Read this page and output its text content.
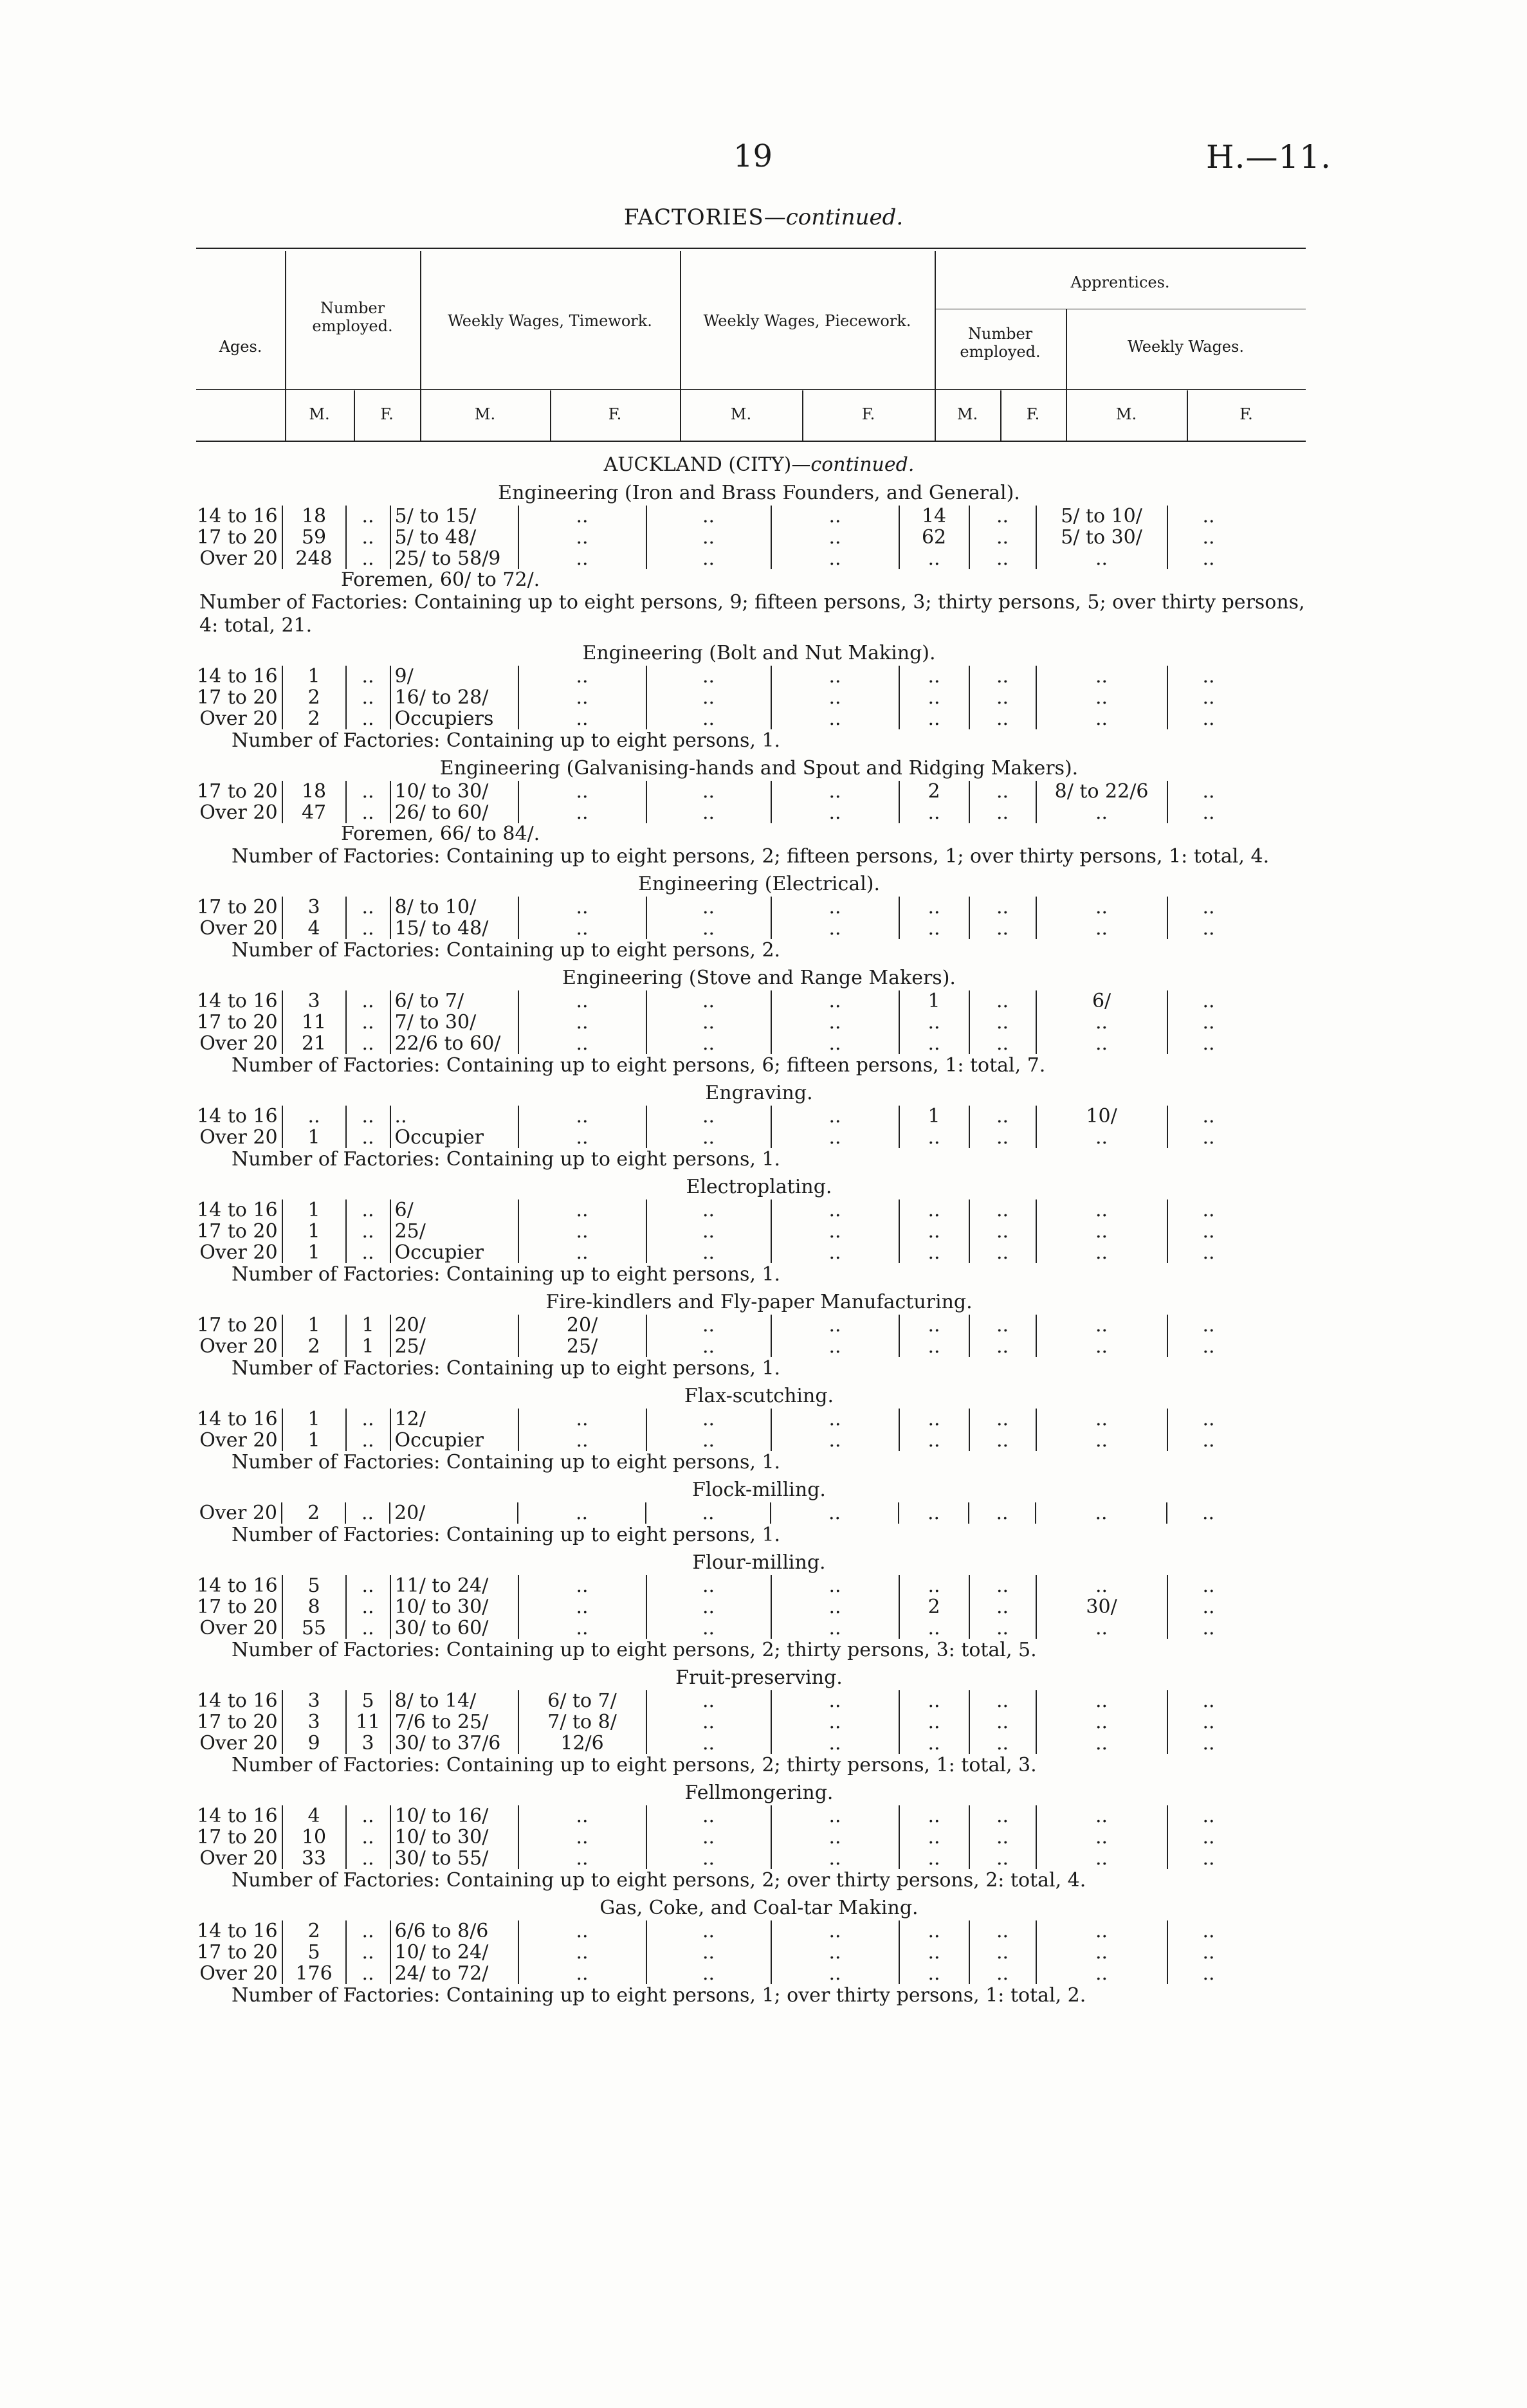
19	H.—11.
FACTORIES—continued.
Ages.
Number employed.	Weekly Wages, Timework.	Weekly Wages, Piecework.
Apprentices.
Number employed.	Weekly Wages.
M.	F.	M.	F.	M.	F.	M.	F.	M.	F.
AUCKLAND (CITY)—continued.
Engineering (Iron and Brass Founders, and General).
14 to 16	18	..	5/ to 15/	..	..	..	14	..	5/ to 10/	..
17 to 20	59	..	5/ to 48/	..	..	..	62	..	5/ to 30/	..
Over 20	248	..	25/ to 58/9	..	..	..	..	..	..	..
Foremen, 60/ to 72/.
Number of Factories: Containing up to eight persons, 9; fifteen persons, 3; thirty persons, 5; over thirty persons, 4: total, 21.
Engineering (Bolt and Nut Making).
14 to 16	1	..	9/	..	..	..	..	..	..	..
17 to 20	2	..	16/ to 28/	..	..	..	..	..	..	..
Over 20	2	..	Occupiers	..	..	..	..	..	..	..
Number of Factories: Containing up to eight persons, 1.
Engineering (Galvanising-hands and Spout and Ridging Makers).
17 to 20	18	..	10/ to 30/	..	..	..	2	..	8/ to 22/6	..
Over 20	47	..	26/ to 60/	..	..	..	..	..	..	..
Foremen, 66/ to 84/.
Number of Factories: Containing up to eight persons, 2; fifteen persons, 1; over thirty persons, 1: total, 4.
Engineering (Electrical).
17 to 20	3	..	8/ to 10/	..	..	..	..	..	..	..
Over 20	4	..	15/ to 48/	..	..	..	..	..	..	..
Number of Factories: Containing up to eight persons, 2.
Engineering (Stove and Range Makers).
14 to 16	3	..	6/ to 7/	..	..	..	1	..	6/	..
17 to 20	11	..	7/ to 30/	..	..	..	..	..	..	..
Over 20	21	..	22/6 to 60/	..	..	..	..	..	..	..
Number of Factories: Containing up to eight persons, 6; fifteen persons, 1: total, 7.
Engraving.
14 to 16	..	..	..	..	..	..	1	..	10/	..
Over 20	1	..	Occupier	..	..	..	..	..	..	..
Number of Factories: Containing up to eight persons, 1.
Electroplating.
14 to 16	1	..	6/	..	..	..	..	..	..	..
17 to 20	1	..	25/	..	..	..	..	..	..	..
Over 20	1	..	Occupier	..	..	..	..	..	..	..
Number of Factories: Containing up to eight persons, 1.
Fire-kindlers and Fly-paper Manufacturing.
17 to 20	1	1	20/	20/	..	..	..	..	..	..
Over 20	2	1	25/	25/	..	..	..	..	..	..
Number of Factories: Containing up to eight persons, 1.
Flax-scutching.
14 to 16	1	..	12/	..	..	..	..	..	..	..
Over 20	1	..	Occupier	..	..	..	..	..	..	..
Number of Factories: Containing up to eight persons, 1.
Flock-milling.
Over 20	2	..	20/	..	..	..	..	..	..	..
Number of Factories: Containing up to eight persons, 1.
Flour-milling.
14 to 16	5	..	11/ to 24/	..	..	..	..	..	..	..
17 to 20	8	..	10/ to 30/	..	..	..	2	..	30/	..
Over 20	55	..	30/ to 60/	..	..	..	..	..	..	..
Number of Factories: Containing up to eight persons, 2; thirty persons, 3: total, 5.
Fruit-preserving.
14 to 16	3	5	8/ to 14/	6/ to 7/	..	..	..	..	..	..
17 to 20	3	11	7/6 to 25/	7/ to 8/	..	..	..	..	..	..
Over 20	9	3	30/ to 37/6	12/6	..	..	..	..	..	..
Number of Factories: Containing up to eight persons, 2; thirty persons, 1: total, 3.
Fellmongering.
14 to 16	4	..	10/ to 16/	..	..	..	..	..	..	..
17 to 20	10	..	10/ to 30/	..	..	..	..	..	..	..
Over 20	33	..	30/ to 55/	..	..	..	..	..	..	..
Number of Factories: Containing up to eight persons, 2; over thirty persons, 2: total, 4.
Gas, Coke, and Coal-tar Making.
14 to 16	2	..	6/6 to 8/6	..	..	..	..	..	..	..
17 to 20	5	..	10/ to 24/	..	..	..	..	..	..	..
Over 20	176	..	24/ to 72/	..	..	..	..	..	..	..
Number of Factories: Containing up to eight persons, 1; over thirty persons, 1: total, 2.
